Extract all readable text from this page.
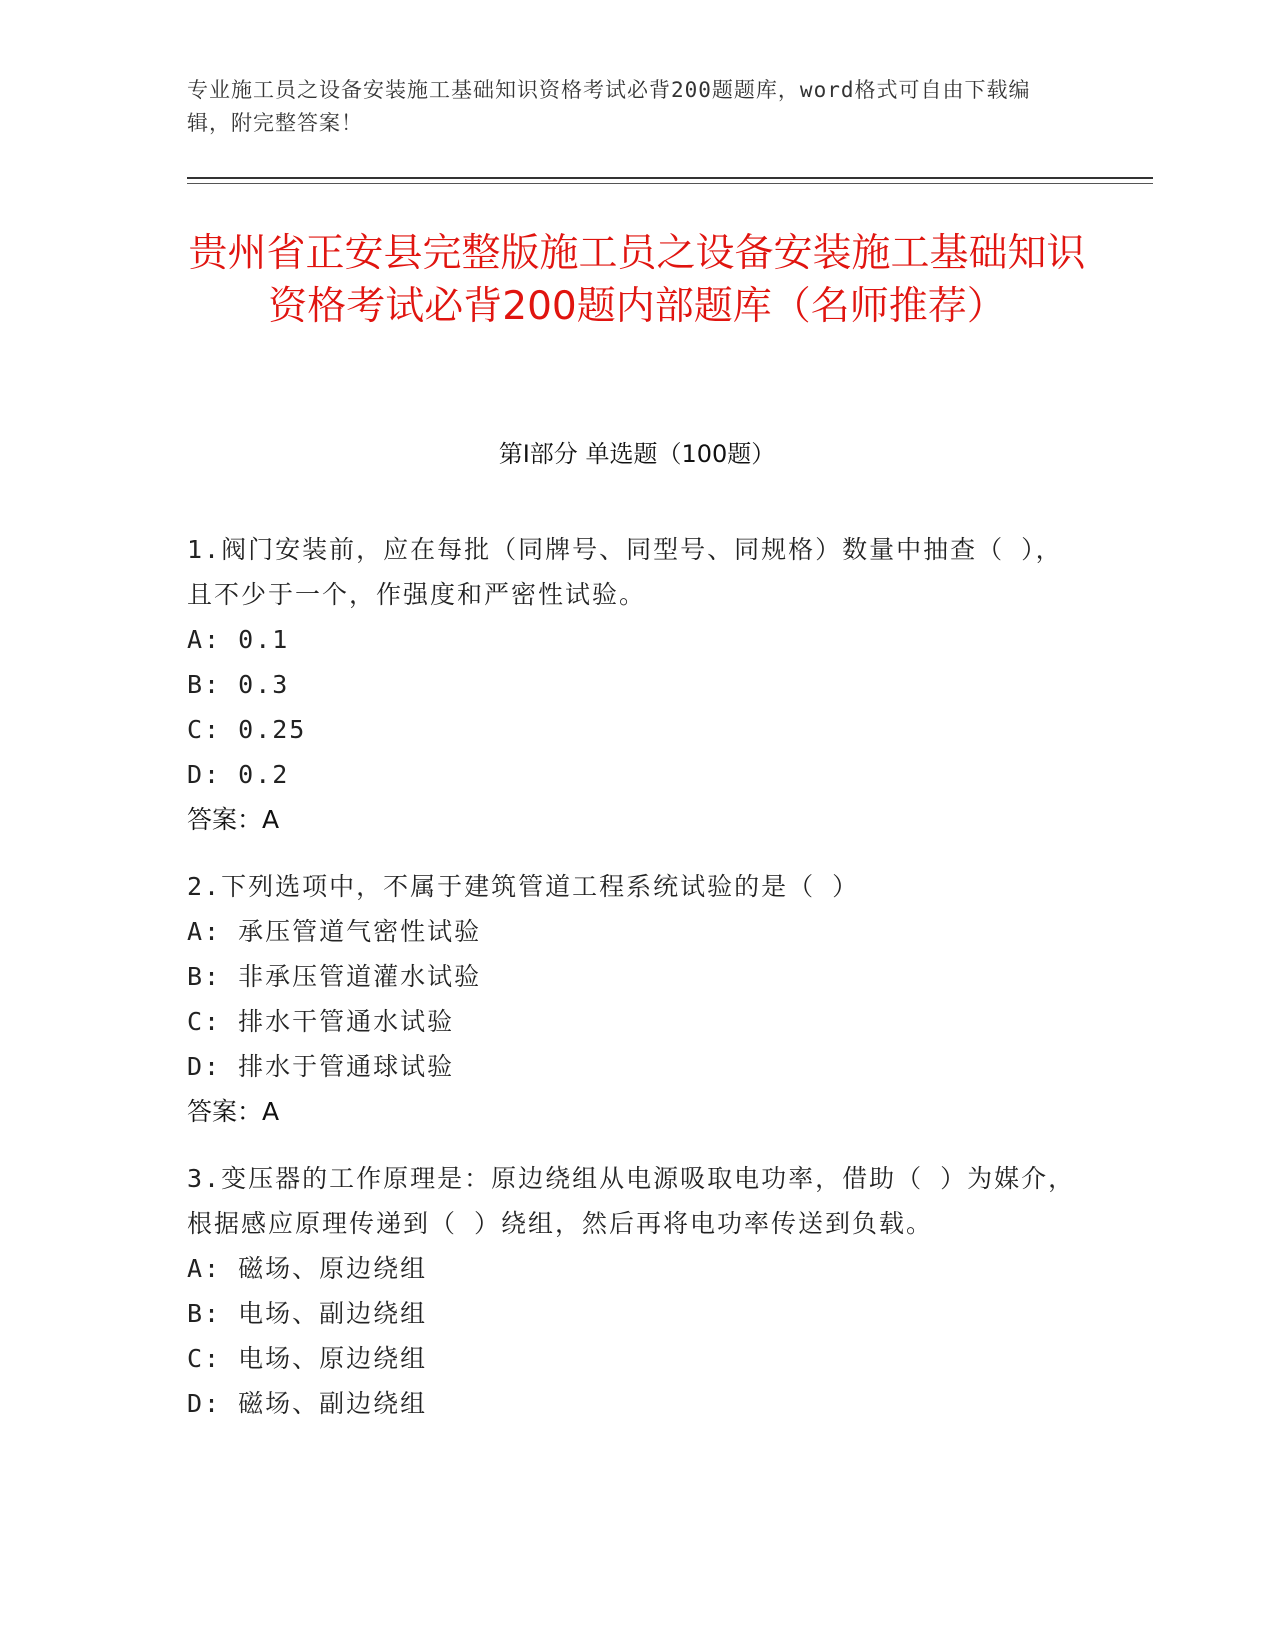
专业施工员之设备安装施工基础知识资格考试必背200题题库，word格式可自由下载编辑，附完整答案！
贵州省正安县完整版施工员之设备安装施工基础知识资格考试必背200题内部题库（名师推荐）
第Ⅰ部分 单选题（100题）
1.阀门安装前，应在每批（同牌号、同型号、同规格）数量中抽查（ ），且不少于一个，作强度和严密性试验。
A: 0.1
B: 0.3
C: 0.25
D: 0.2
答案：A
2.下列选项中，不属于建筑管道工程系统试验的是（ ）
A: 承压管道气密性试验
B: 非承压管道灌水试验
C: 排水干管通水试验
D: 排水于管通球试验
答案：A
3.变压器的工作原理是：原边绕组从电源吸取电功率，借助（ ）为媒介，根据感应原理传递到（ ）绕组，然后再将电功率传送到负载。
A: 磁场、原边绕组
B: 电场、副边绕组
C: 电场、原边绕组
D: 磁场、副边绕组
